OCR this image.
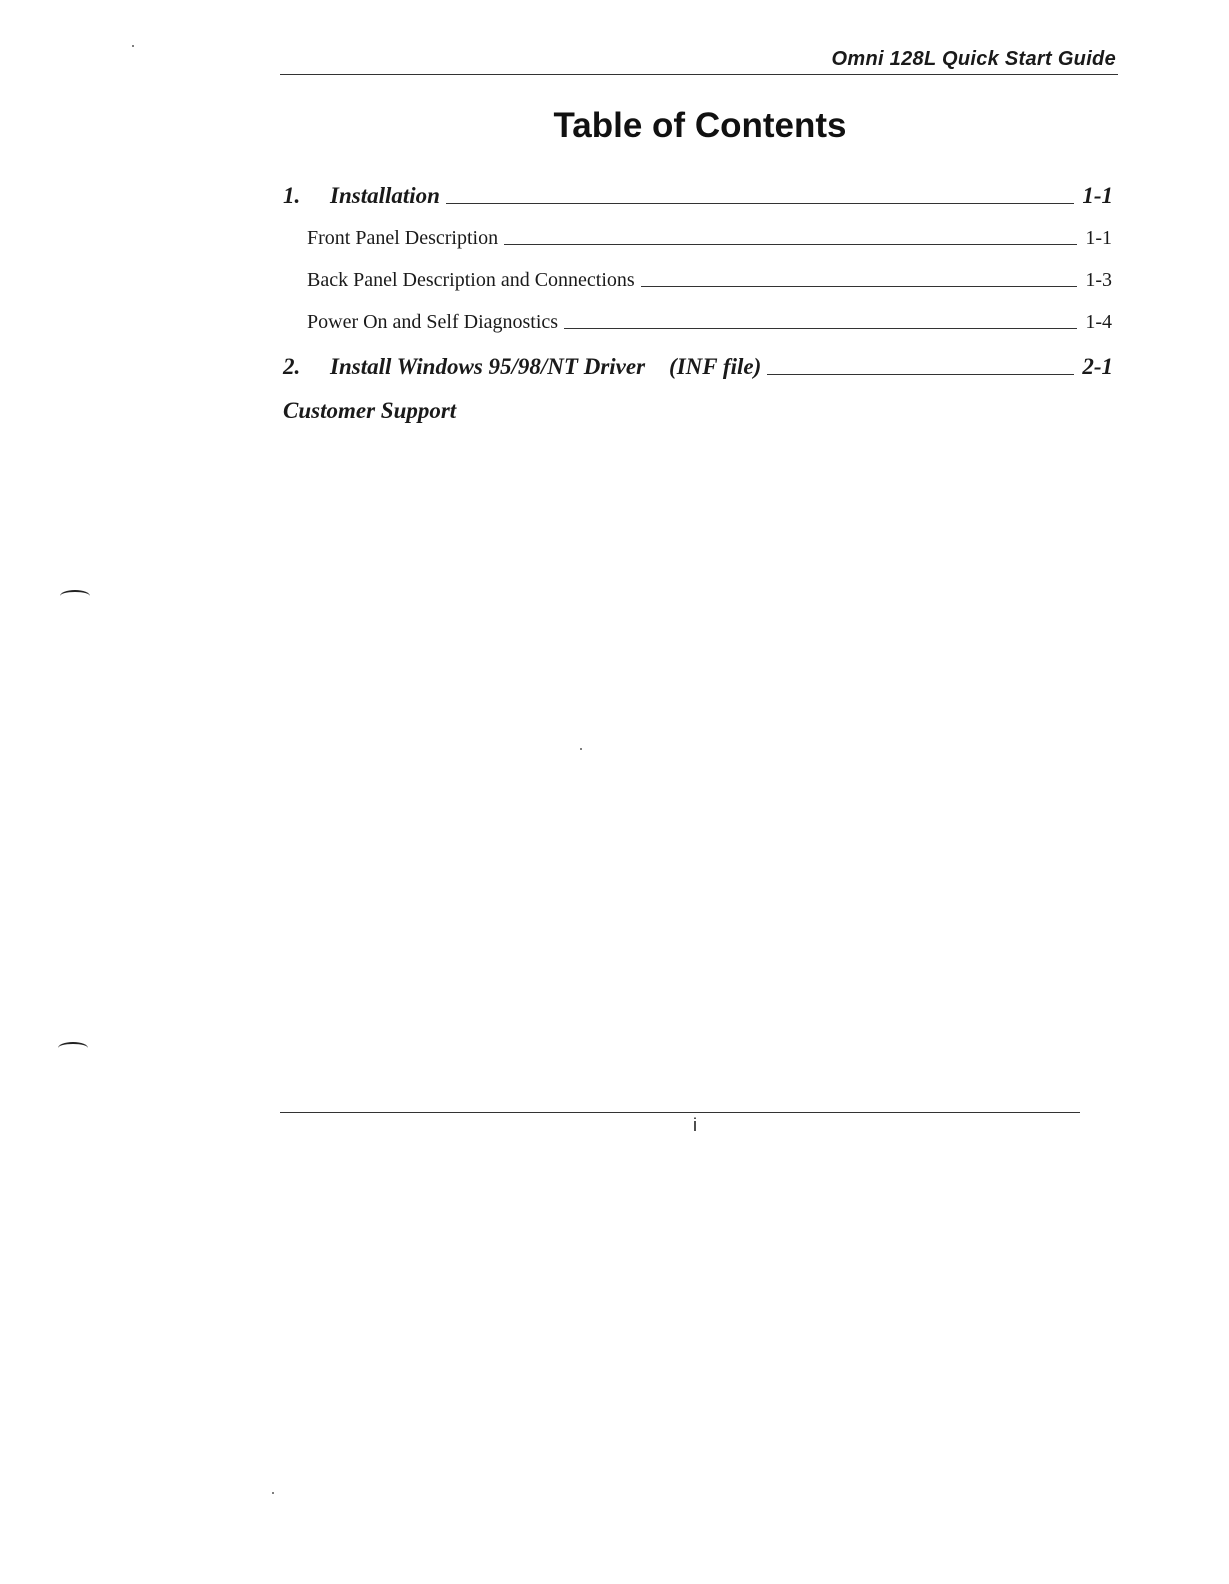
Omni 128L Quick Start Guide
Table of Contents
1.	Installation	1-1
Front Panel Description	1-1
Back Panel Description and Connections	1-3
Power On and Self Diagnostics	1-4
2.	Install Windows 95/98/NT Driver (INF file)	2-1
Customer Support
i
